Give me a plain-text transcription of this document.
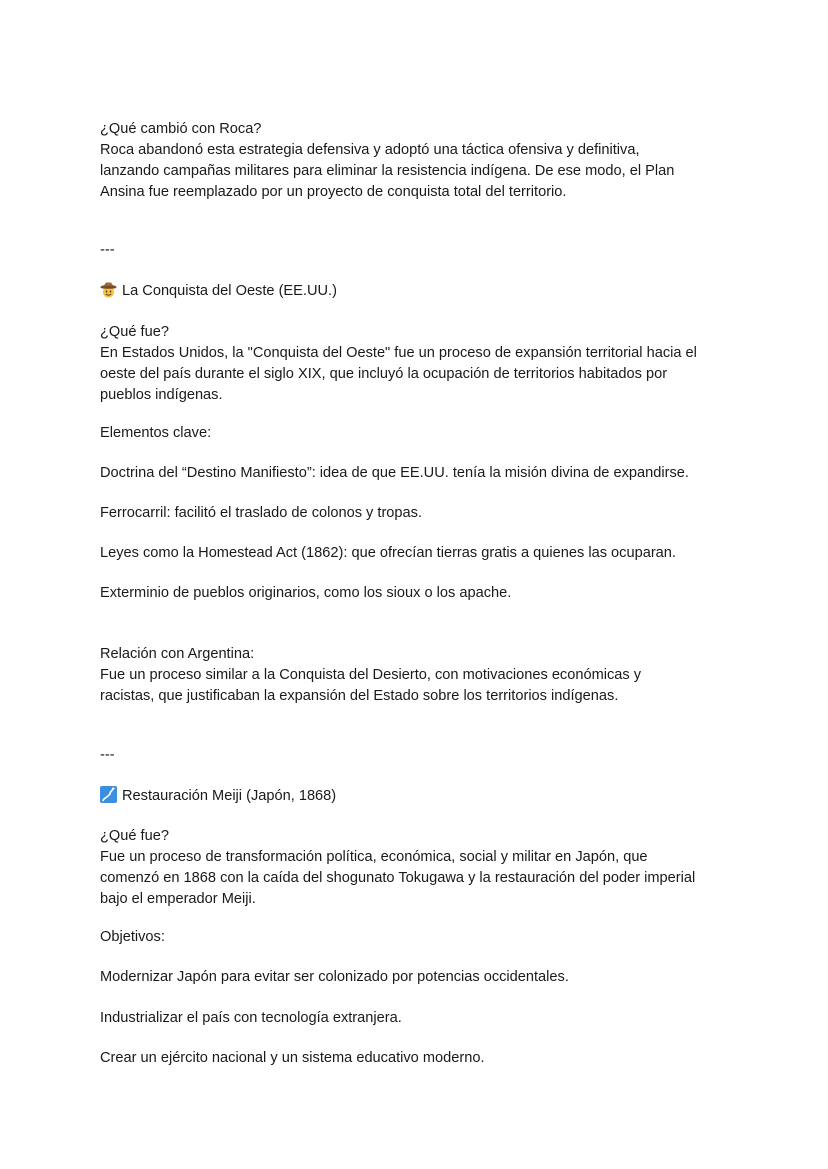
¿Qué cambió con Roca?
Roca abandonó esta estrategia defensiva y adoptó una táctica ofensiva y definitiva,
lanzando campañas militares para eliminar la resistencia indígena. De ese modo, el Plan
Ansina fue reemplazado por un proyecto de conquista total del territorio.
---
La Conquista del Oeste (EE.UU.)
¿Qué fue?
En Estados Unidos, la "Conquista del Oeste" fue un proceso de expansión territorial hacia el
oeste del país durante el siglo XIX, que incluyó la ocupación de territorios habitados por
pueblos indígenas.
Elementos clave:
Doctrina del “Destino Manifiesto”: idea de que EE.UU. tenía la misión divina de expandirse.
Ferrocarril: facilitó el traslado de colonos y tropas.
Leyes como la Homestead Act (1862): que ofrecían tierras gratis a quienes las ocuparan.
Exterminio de pueblos originarios, como los sioux o los apache.
Relación con Argentina:
Fue un proceso similar a la Conquista del Desierto, con motivaciones económicas y
racistas, que justificaban la expansión del Estado sobre los territorios indígenas.
---
Restauración Meiji (Japón, 1868)
¿Qué fue?
Fue un proceso de transformación política, económica, social y militar en Japón, que
comenzó en 1868 con la caída del shogunato Tokugawa y la restauración del poder imperial
bajo el emperador Meiji.
Objetivos:
Modernizar Japón para evitar ser colonizado por potencias occidentales.
Industrializar el país con tecnología extranjera.
Crear un ejército nacional y un sistema educativo moderno.
